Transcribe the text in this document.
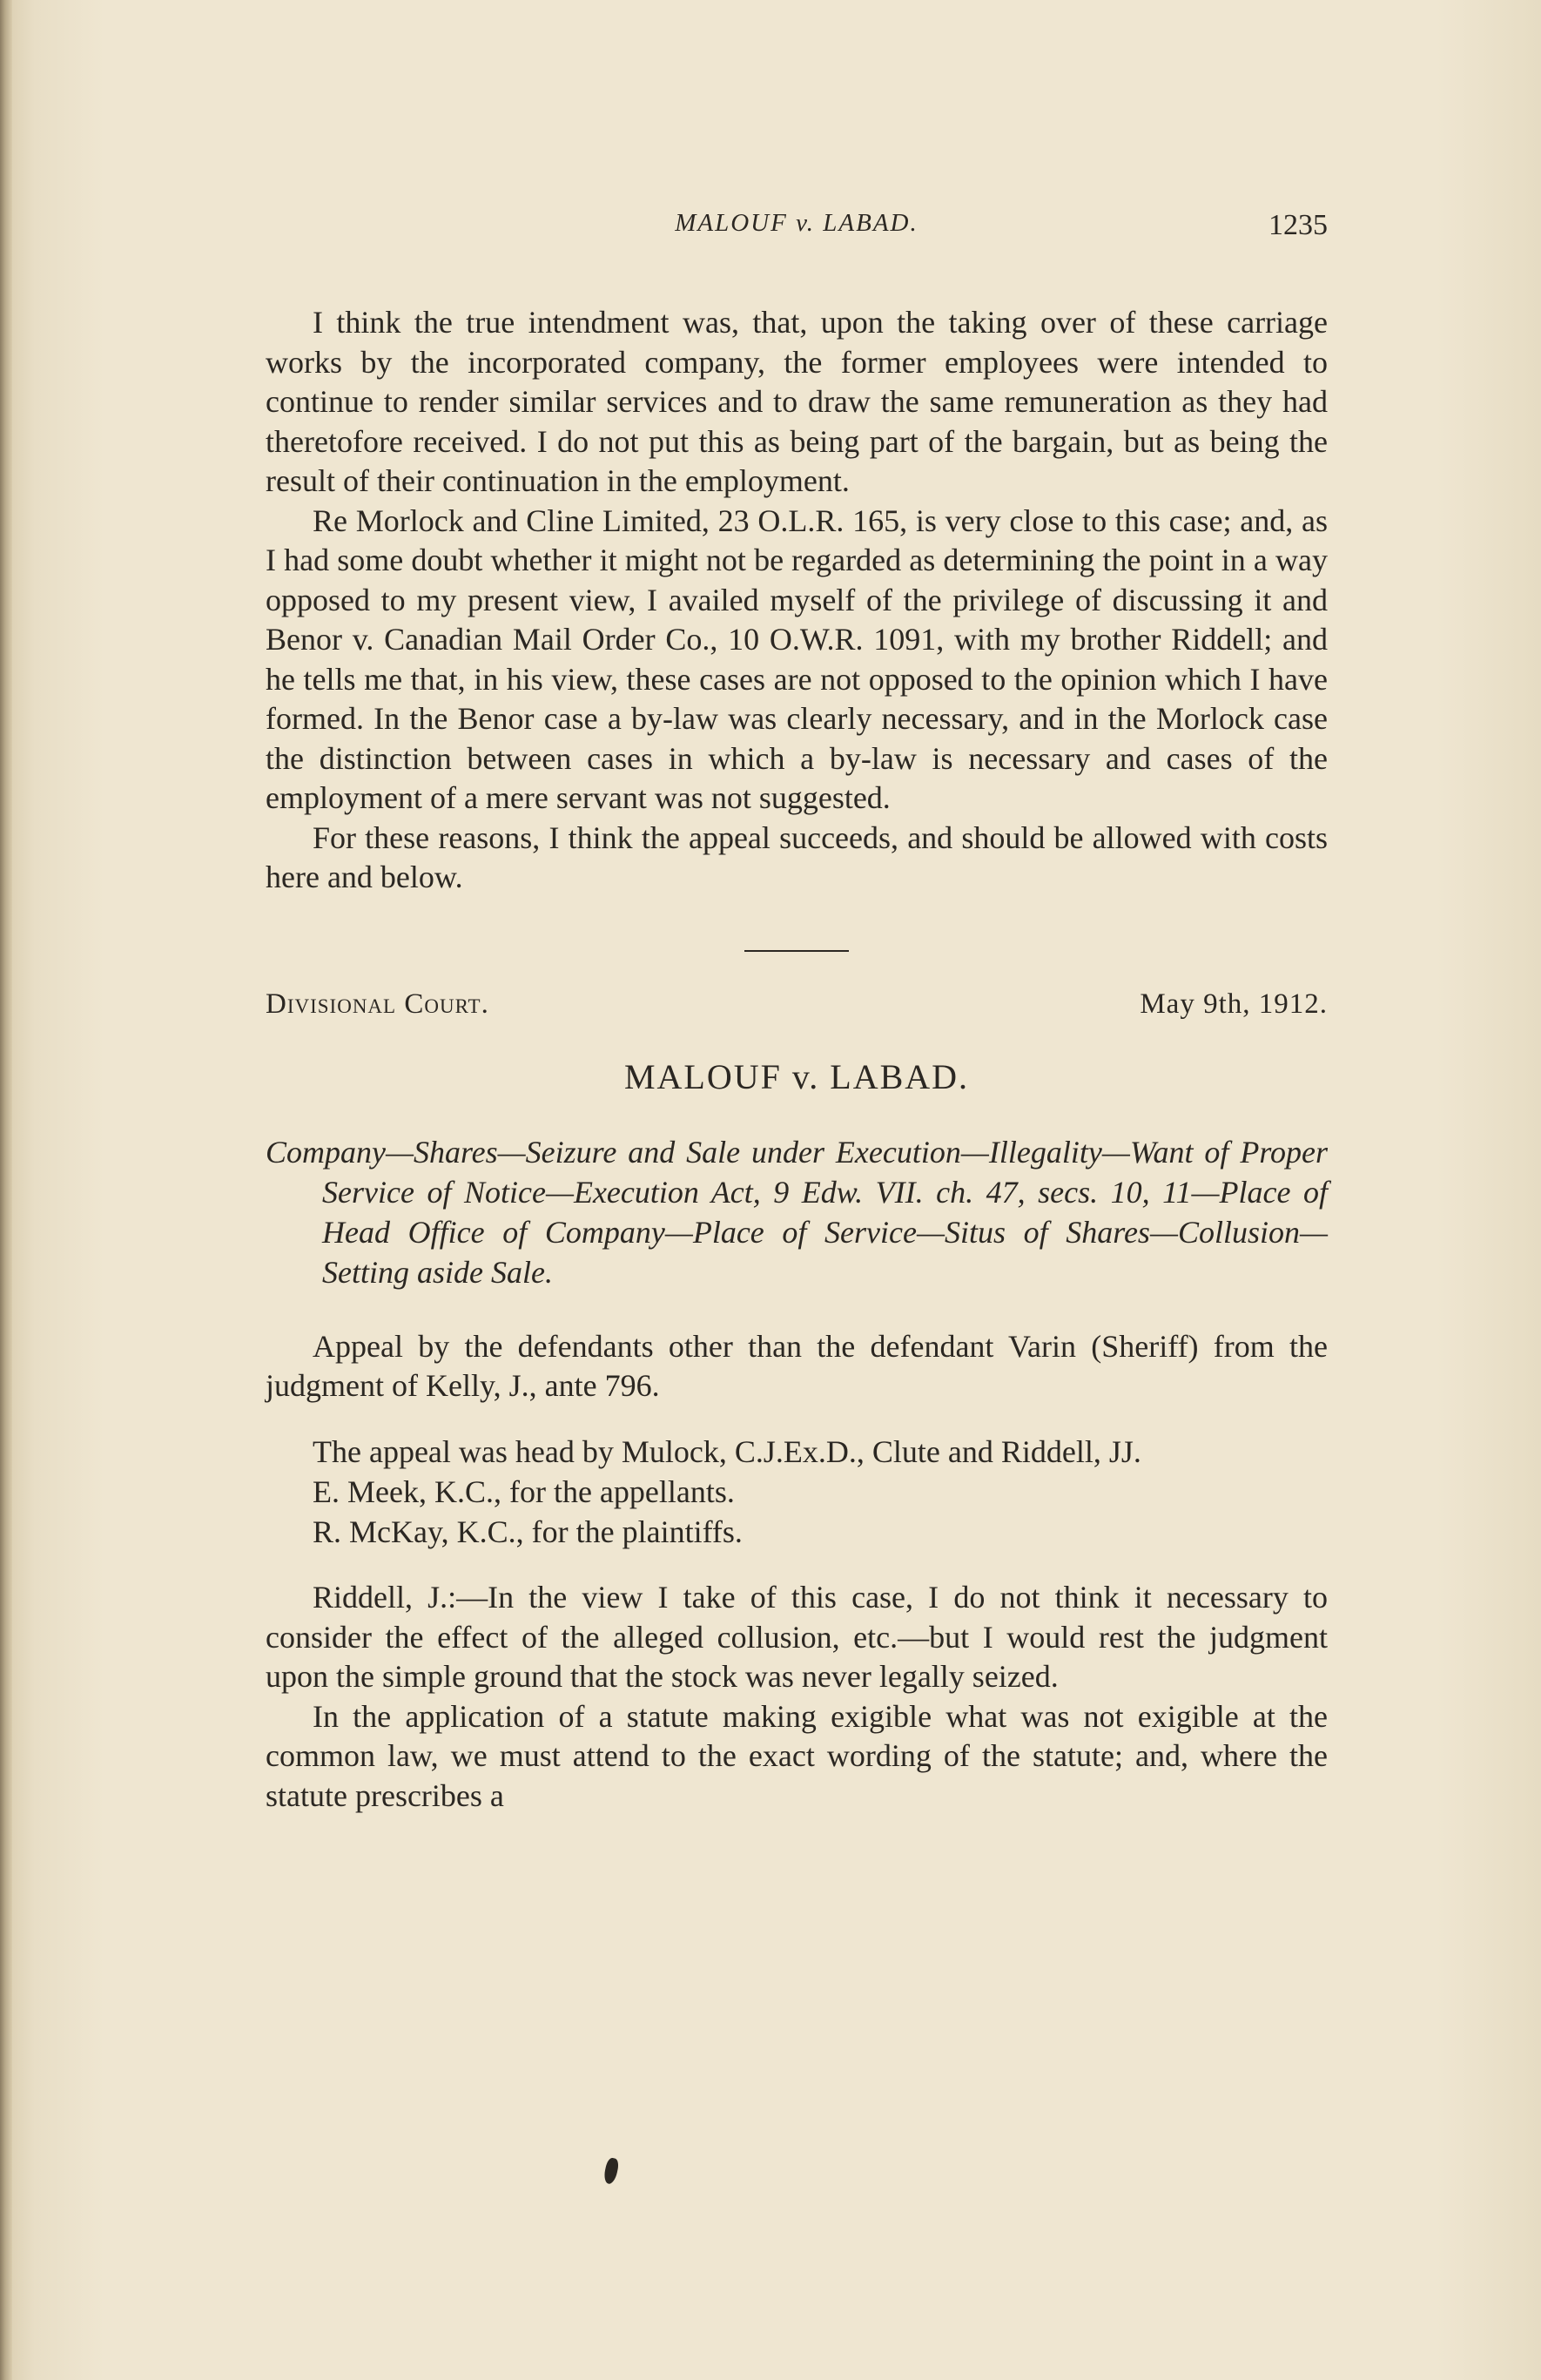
MALOUF v. LABAD.	1235

I think the true intendment was, that, upon the taking over of these carriage works by the incorporated company, the former employees were intended to continue to render similar services and to draw the same remuneration as they had theretofore received. I do not put this as being part of the bargain, but as being the result of their continuation in the employment.

Re Morlock and Cline Limited, 23 O.L.R. 165, is very close to this case; and, as I had some doubt whether it might not be regarded as determining the point in a way opposed to my present view, I availed myself of the privilege of discussing it and Benor v. Canadian Mail Order Co., 10 O.W.R. 1091, with my brother Riddell; and he tells me that, in his view, these cases are not opposed to the opinion which I have formed. In the Benor case a by-law was clearly necessary, and in the Morlock case the distinction between cases in which a by-law is necessary and cases of the employment of a mere servant was not suggested.

For these reasons, I think the appeal succeeds, and should be allowed with costs here and below.

Divisional Court.	May 9th, 1912.
MALOUF v. LABAD.

Company—Shares—Seizure and Sale under Execution—Illegality—Want of Proper Service of Notice—Execution Act, 9 Edw. VII. ch. 47, secs. 10, 11—Place of Head Office of Company—Place of Service—Situs of Shares—Collusion—Setting aside Sale.

Appeal by the defendants other than the defendant Varin (Sheriff) from the judgment of Kelly, J., ante 796.

The appeal was head by Mulock, C.J.Ex.D., Clute and Riddell, JJ.

E. Meek, K.C., for the appellants.

R. McKay, K.C., for the plaintiffs.

Riddell, J.:—In the view I take of this case, I do not think it necessary to consider the effect of the alleged collusion, etc.—but I would rest the judgment upon the simple ground that the stock was never legally seized.

In the application of a statute making exigible what was not exigible at the common law, we must attend to the exact wording of the statute; and, where the statute prescribes a
